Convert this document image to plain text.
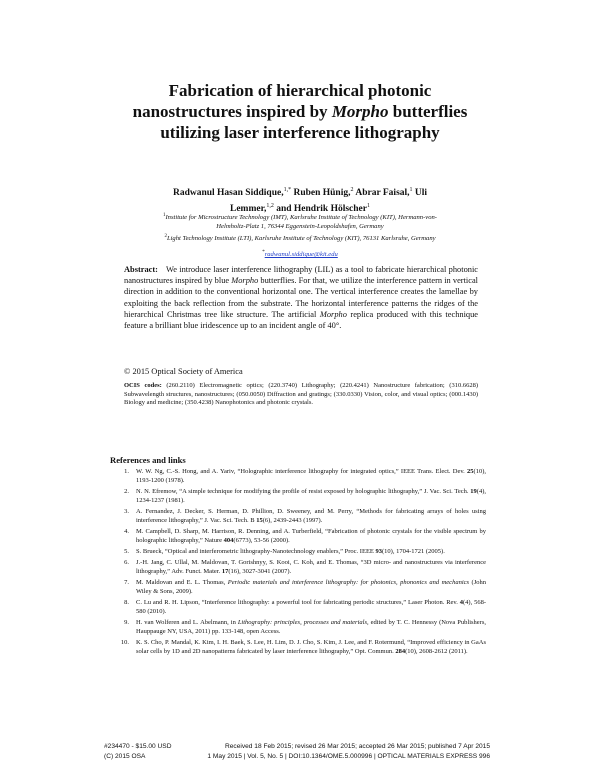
Fabrication of hierarchical photonic nanostructures inspired by Morpho butterflies utilizing laser interference lithography
Radwanul Hasan Siddique,$^{1,*}$ Ruben Hünig,$^2$ Abrar Faisal,$^1$ Uli Lemmer,$^{1,2}$ and Hendrik Hölscher$^1$
$^1$Institute for Microstructure Technology (IMT), Karlsruhe Institute of Technology (KIT), Hermann-von-Helmholtz-Platz 1, 76344 Eggenstein-Leopoldshafen, Germany
$^2$Light Technology Institute (LTI), Karlsruhe Institute of Technology (KIT), 76131 Karlsruhe, Germany
*radwanul.siddique@kit.edu
Abstract: We introduce laser interference lithography (LIL) as a tool to fabricate hierarchical photonic nanostructures inspired by blue Morpho butterflies. For that, we utilize the interference pattern in vertical direction in addition to the conventional horizontal one. The vertical interference creates the lamellae by exploiting the back reflection from the substrate. The horizontal interference patterns the ridges of the hierarchical Christmas tree like structure. The artificial Morpho replica produced with this technique feature a brilliant blue iridescence up to an incident angle of 40°.
© 2015 Optical Society of America
OCIS codes: (260.2110) Electromagnetic optics; (220.3740) Lithography; (220.4241) Nanostructure fabrication; (310.6628) Subwavelength structures, nanostructures; (050.0050) Diffraction and gratings; (330.0330) Vision, color, and visual optics; (000.1430) Biology and medicine; (350.4238) Nanophotonics and photonic crystals.
References and links
1.	W. W. Ng, C.-S. Hong, and A. Yariv, “Holographic interference lithography for integrated optics,” IEEE Trans. Elect. Dev. 25(10), 1193-1200 (1978).
2.	N. N. Efremow, “A simple technique for modifying the profile of resist exposed by holographic lithography,” J. Vac. Sci. Tech. 19(4), 1234-1237 (1981).
3.	A. Fernandez, J. Decker, S. Herman, D. Phillion, D. Sweeney, and M. Perry, “Methods for fabricating arrays of holes using interference lithography,” J. Vac. Sci. Tech. B 15(6), 2439-2443 (1997).
4.	M. Campbell, D. Sharp, M. Harrison, R. Denning, and A. Turberfield, “Fabrication of photonic crystals for the visible spectrum by holographic lithography,” Nature 404(6773), 53-56 (2000).
5.	S. Brueck, “Optical and interferometric lithography-Nanotechnology enablers,” Proc. IEEE 93(10), 1704-1721 (2005).
6.	J.-H. Jang, C. Ullal, M. Maldovan, T. Gorishnyy, S. Kooi, C. Koh, and E. Thomas, “3D micro- and nanostructures via interference lithography,” Adv. Funct. Mater. 17(16), 3027-3041 (2007).
7.	M. Maldovan and E. L. Thomas, Periodic materials and interference lithography: for photonics, phononics and mechanics (John Wiley & Sons, 2009).
8.	C. Lu and R. H. Lipson, “Interference lithography: a powerful tool for fabricating periodic structures,” Laser Photon. Rev. 4(4), 568-580 (2010).
9.	H. van Wolferen and L. Abelmann, in Lithography: principles, processes and materials, edited by T. C. Hennessy (Nova Publishers, Hauppauge NY, USA, 2011) pp. 133-148, open Access.
10.	K. S. Cho, P. Mandal, K. Kim, I. H. Baek, S. Lee, H. Lim, D. J. Cho, S. Kim, J. Lee, and F. Rotermund, “Improved efficiency in GaAs solar cells by 1D and 2D nanopatterns fabricated by laser interference lithography,” Opt. Commun. 284(10), 2608-2612 (2011).
#234470 - $15.00 USD	Received 18 Feb 2015; revised 26 Mar 2015; accepted 26 Mar 2015; published 7 Apr 2015
(C) 2015 OSA	1 May 2015 | Vol. 5, No. 5 | DOI:10.1364/OME.5.000996 | OPTICAL MATERIALS EXPRESS 996
